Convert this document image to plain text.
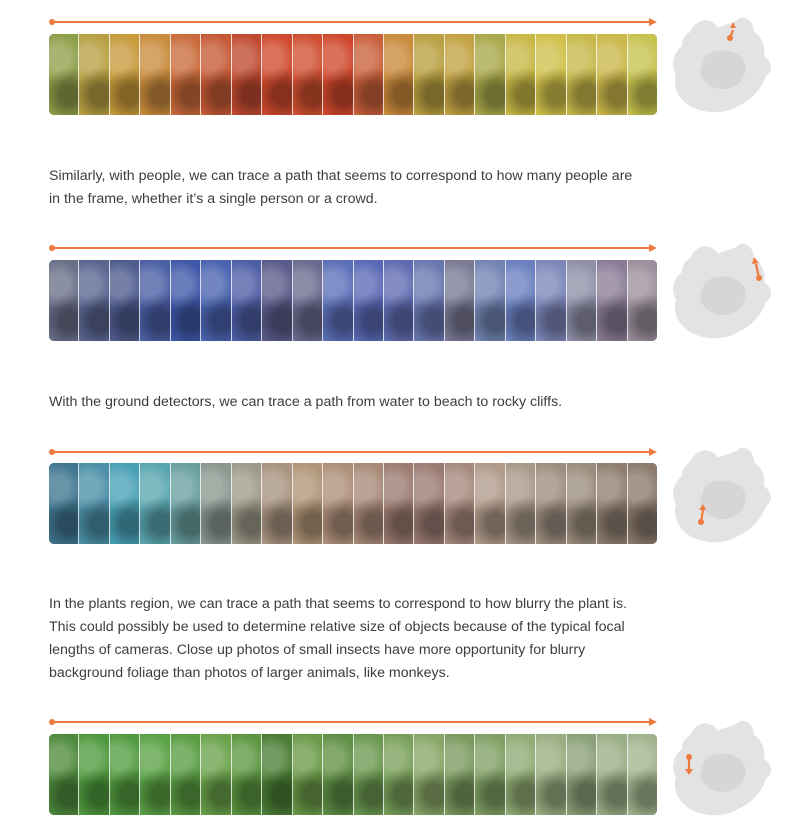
Similarly, with people, we can trace a path that seems to correspond to how many people are in the frame, whether it’s a single person or a crowd.

With the ground detectors, we can trace a path from water to beach to rocky cliffs.

In the plants region, we can trace a path that seems to correspond to how blurry the plant is. This could possibly be used to determine relative size of objects because of the typical focal lengths of cameras. Close up photos of small insects have more opportunity for blurry background foliage than photos of larger animals, like monkeys.
